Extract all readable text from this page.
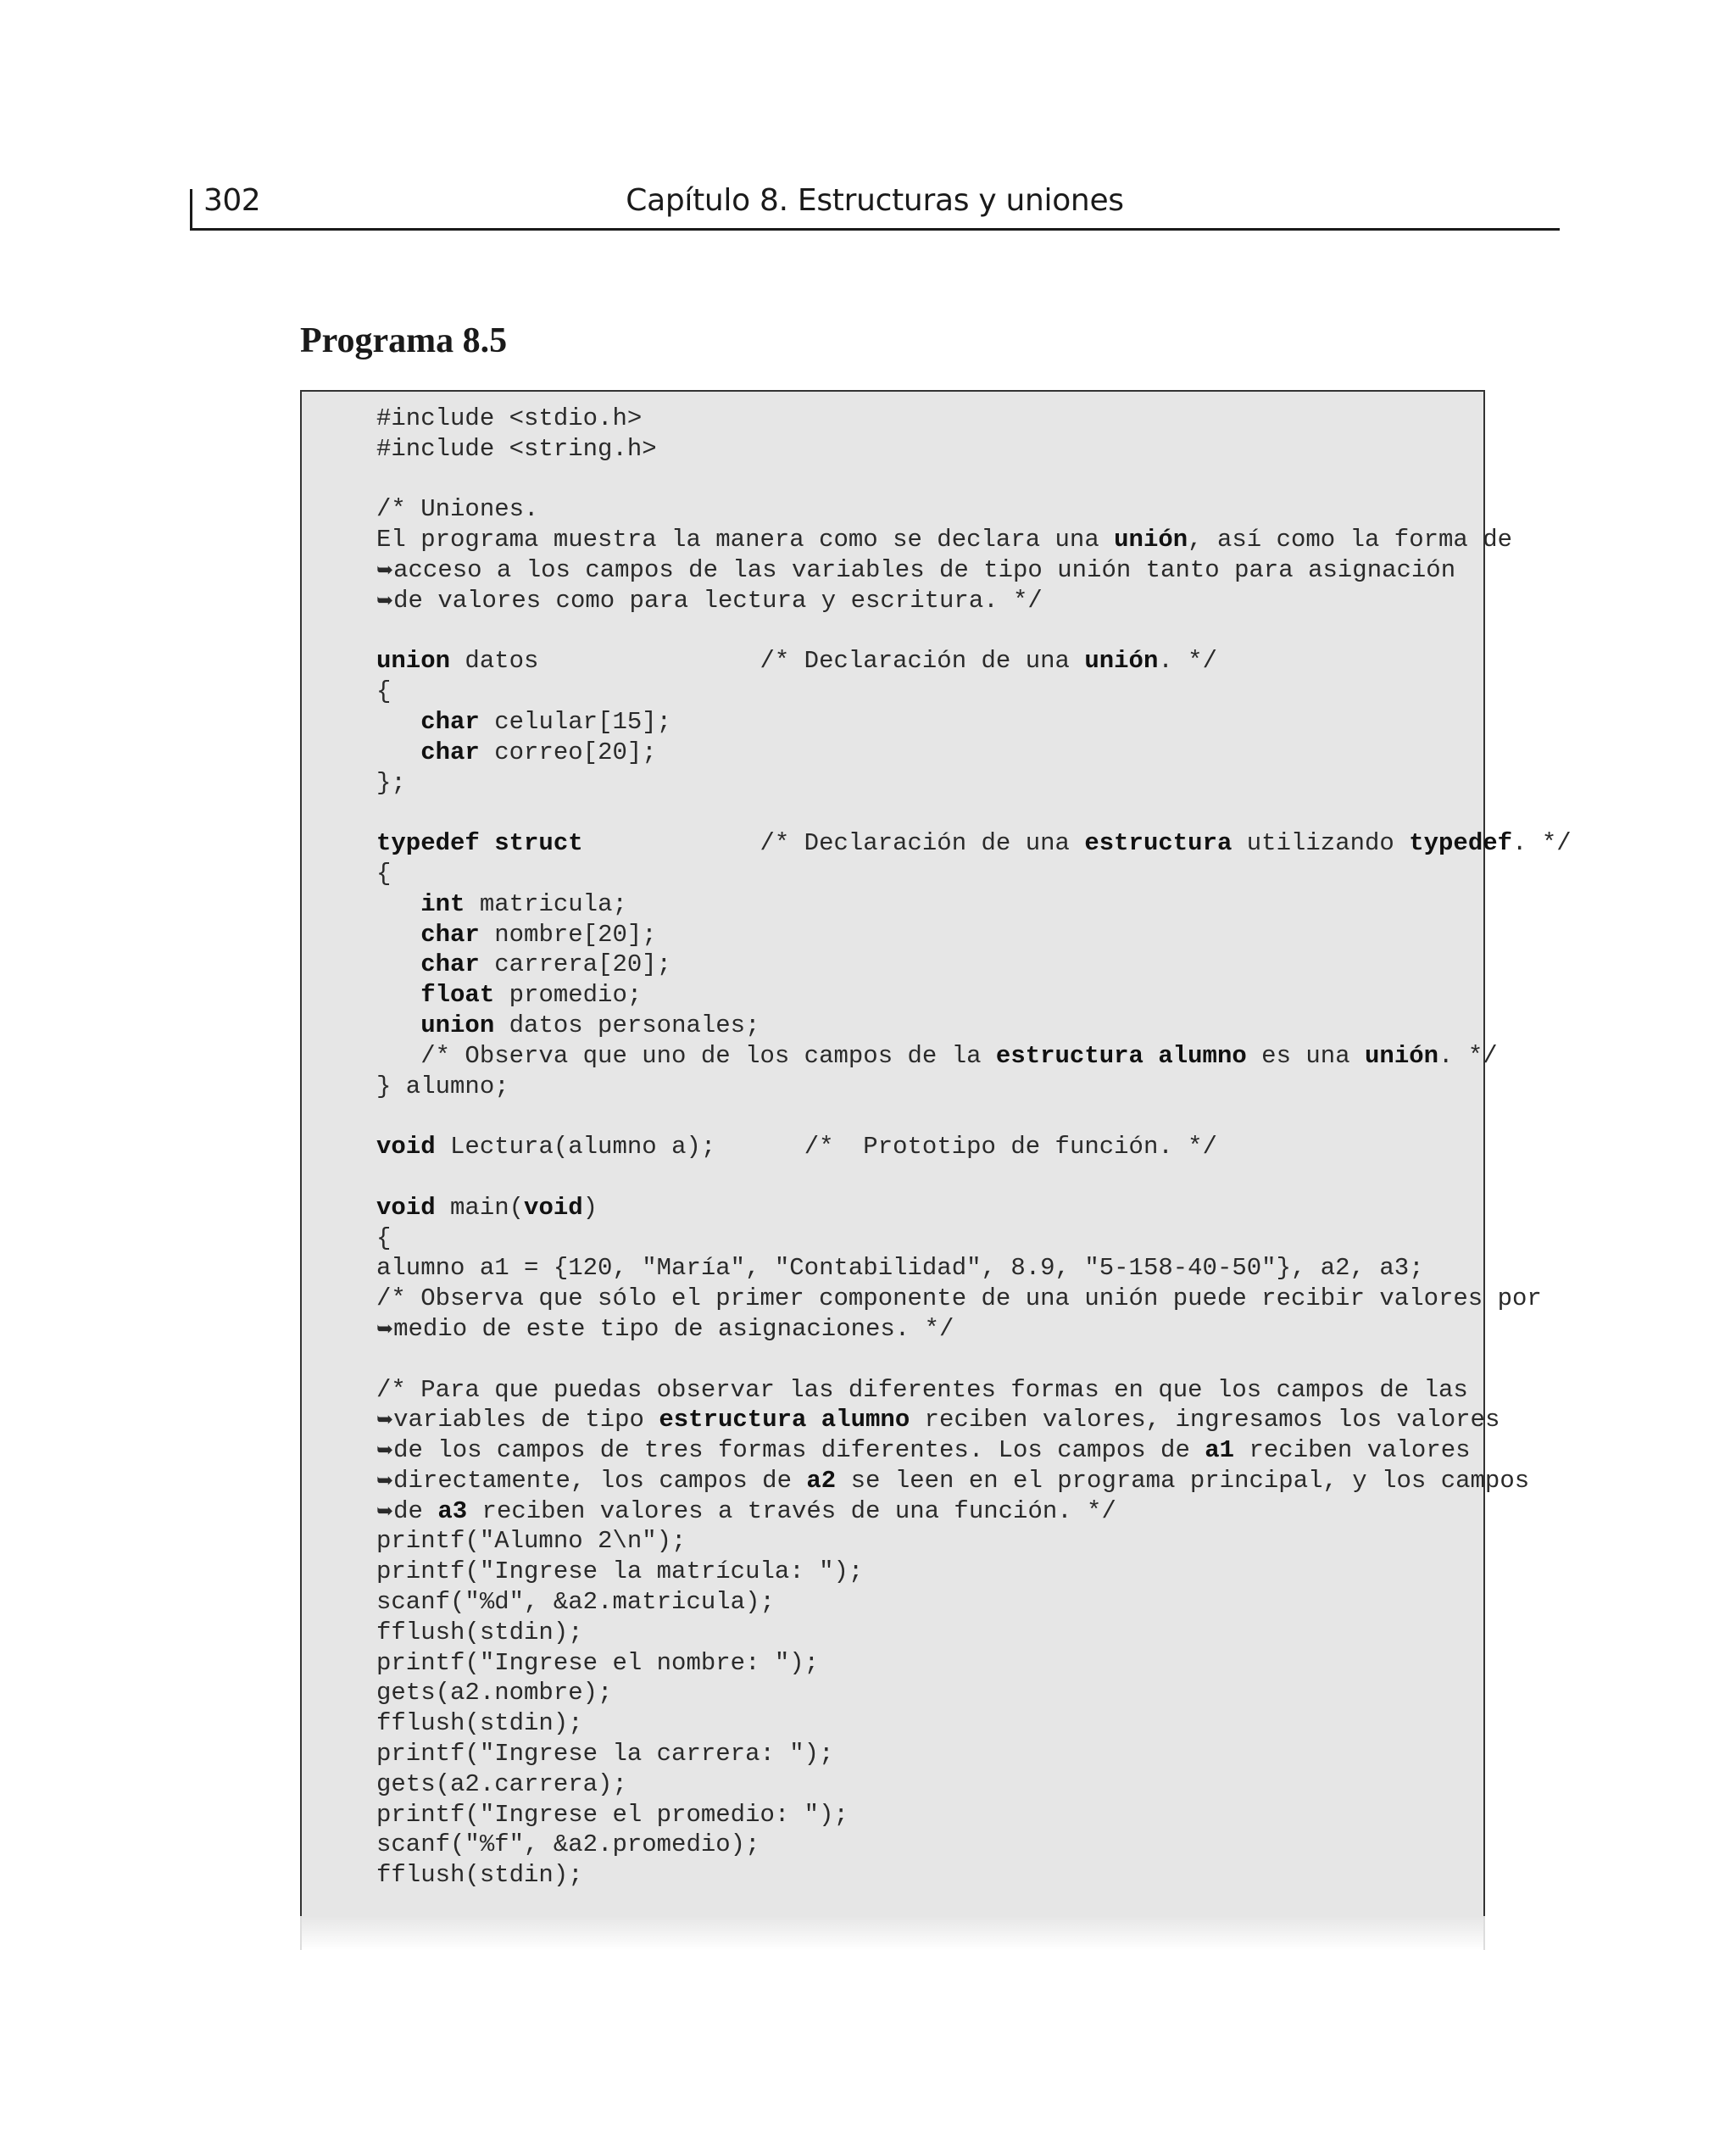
302	Capítulo 8. Estructuras y uniones
Programa 8.5
#include <stdio.h>
#include <string.h>
/* Uniones.
El programa muestra la manera como se declara una unión, así como la forma de
➥acceso a los campos de las variables de tipo unión tanto para asignación
➥de valores como para lectura y escritura. */
union datos               /* Declaración de una unión. */
{
char celular[15];
char correo[20];
};
typedef struct            /* Declaración de una estructura utilizando typedef. */
{
int matricula;
char nombre[20];
char carrera[20];
float promedio;
union datos personales;
/* Observa que uno de los campos de la estructura alumno es una unión. */
} alumno;
void Lectura(alumno a);      /*  Prototipo de función. */
void main(void)
{
alumno a1 = {120, "María", "Contabilidad", 8.9, "5-158-40-50"}, a2, a3;
/* Observa que sólo el primer componente de una unión puede recibir valores por
➥medio de este tipo de asignaciones. */
/* Para que puedas observar las diferentes formas en que los campos de las
➥variables de tipo estructura alumno reciben valores, ingresamos los valores
➥de los campos de tres formas diferentes. Los campos de a1 reciben valores
➥directamente, los campos de a2 se leen en el programa principal, y los campos
➥de a3 reciben valores a través de una función. */
printf("Alumno 2\n");
printf("Ingrese la matrícula: ");
scanf("%d", &a2.matricula);
fflush(stdin);
printf("Ingrese el nombre: ");
gets(a2.nombre);
fflush(stdin);
printf("Ingrese la carrera: ");
gets(a2.carrera);
printf("Ingrese el promedio: ");
scanf("%f", &a2.promedio);
fflush(stdin);
